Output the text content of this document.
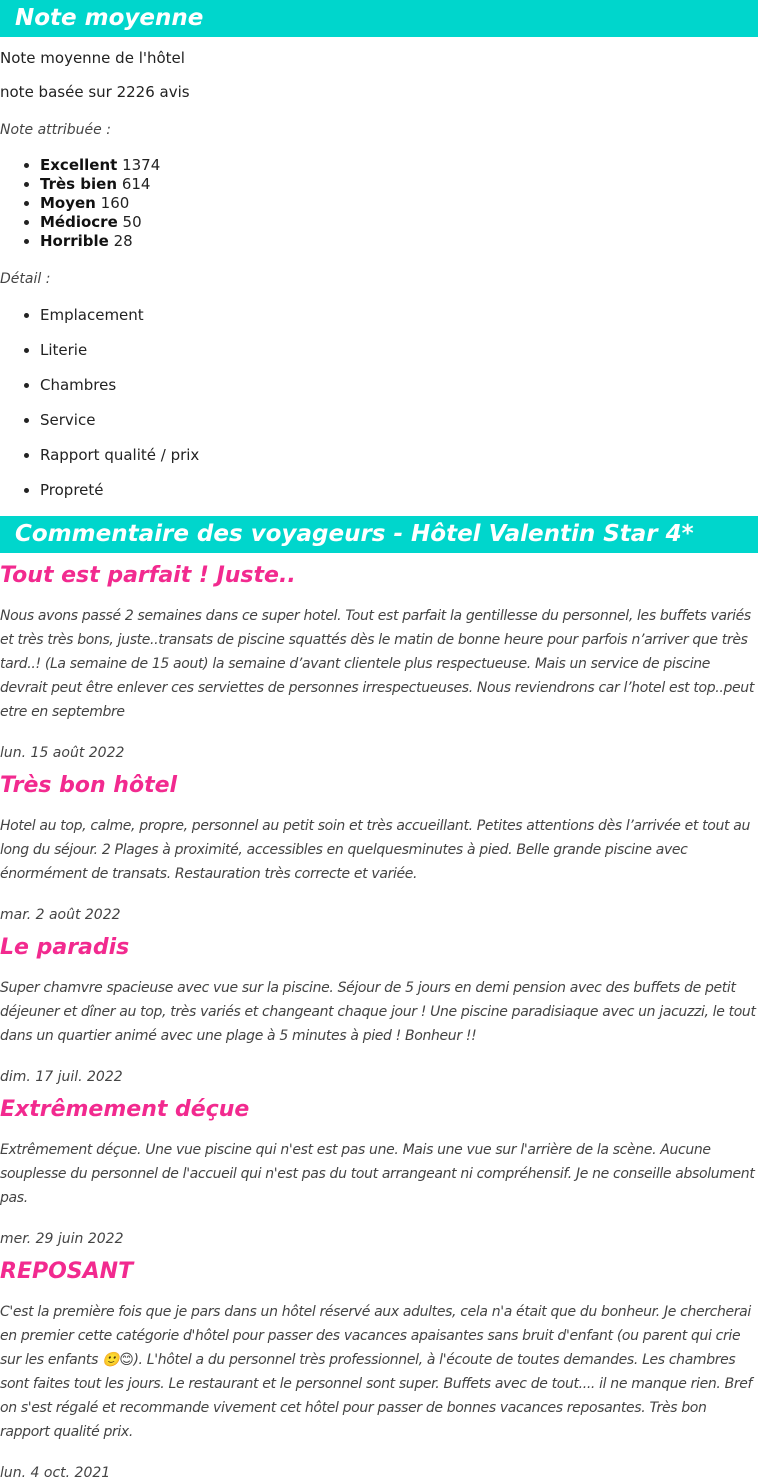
Note moyenne

Note moyenne de l'hôtel

note basée sur 2226 avis

Note attribuée :

• Excellent 1374
• Très bien 614
• Moyen 160
• Médiocre 50
• Horrible 28

Détail :

• Emplacement
• Literie
• Chambres
• Service
• Rapport qualité / prix
• Propreté
Commentaire des voyageurs - Hôtel Valentin Star 4*
Tout est parfait ! Juste..

Nous avons passé 2 semaines dans ce super hotel. Tout est parfait la gentillesse du personnel, les buffets variés et très très bons, juste..transats de piscine squattés dès le matin de bonne heure pour parfois n’arriver que très tard..! (La semaine de 15 aout) la semaine d’avant clientele plus respectueuse. Mais un service de piscine devrait peut être enlever ces serviettes de personnes irrespectueuses. Nous reviendrons car l’hotel est top..peut etre en septembre

lun. 15 août 2022

Très bon hôtel

Hotel au top, calme, propre, personnel au petit soin et très accueillant. Petites attentions dès l’arrivée et tout au long du séjour. 2 Plages à proximité, accessibles en quelquesminutes à pied. Belle grande piscine avec énormément de transats. Restauration très correcte et variée.

mar. 2 août 2022

Le paradis

Super chamvre spacieuse avec vue sur la piscine. Séjour de 5 jours en demi pension avec des buffets de petit déjeuner et dîner au top, très variés et changeant chaque jour ! Une piscine paradisiaque avec un jacuzzi, le tout dans un quartier animé avec une plage à 5 minutes à pied ! Bonheur !!

dim. 17 juil. 2022

Extrêmement déçue

Extrêmement déçue. Une vue piscine qui n'est est pas une. Mais une vue sur l'arrière de la scène. Aucune souplesse du personnel de l'accueil qui n'est pas du tout arrangeant ni compréhensif. Je ne conseille absolument pas.

mer. 29 juin 2022

REPOSANT

C'est la première fois que je pars dans un hôtel réservé aux adultes, cela n'a était que du bonheur. Je chercherai en premier cette catégorie d'hôtel pour passer des vacances apaisantes sans bruit d'enfant (ou parent qui crie sur les enfants 🙂😊). L'hôtel a du personnel très professionnel, à l'écoute de toutes demandes. Les chambres sont faites tout les jours. Le restaurant et le personnel sont super. Buffets avec de tout.... il ne manque rien. Bref on s'est régalé et recommande vivement cet hôtel pour passer de bonnes vacances reposantes. Très bon rapport qualité prix.

lun. 4 oct. 2021
